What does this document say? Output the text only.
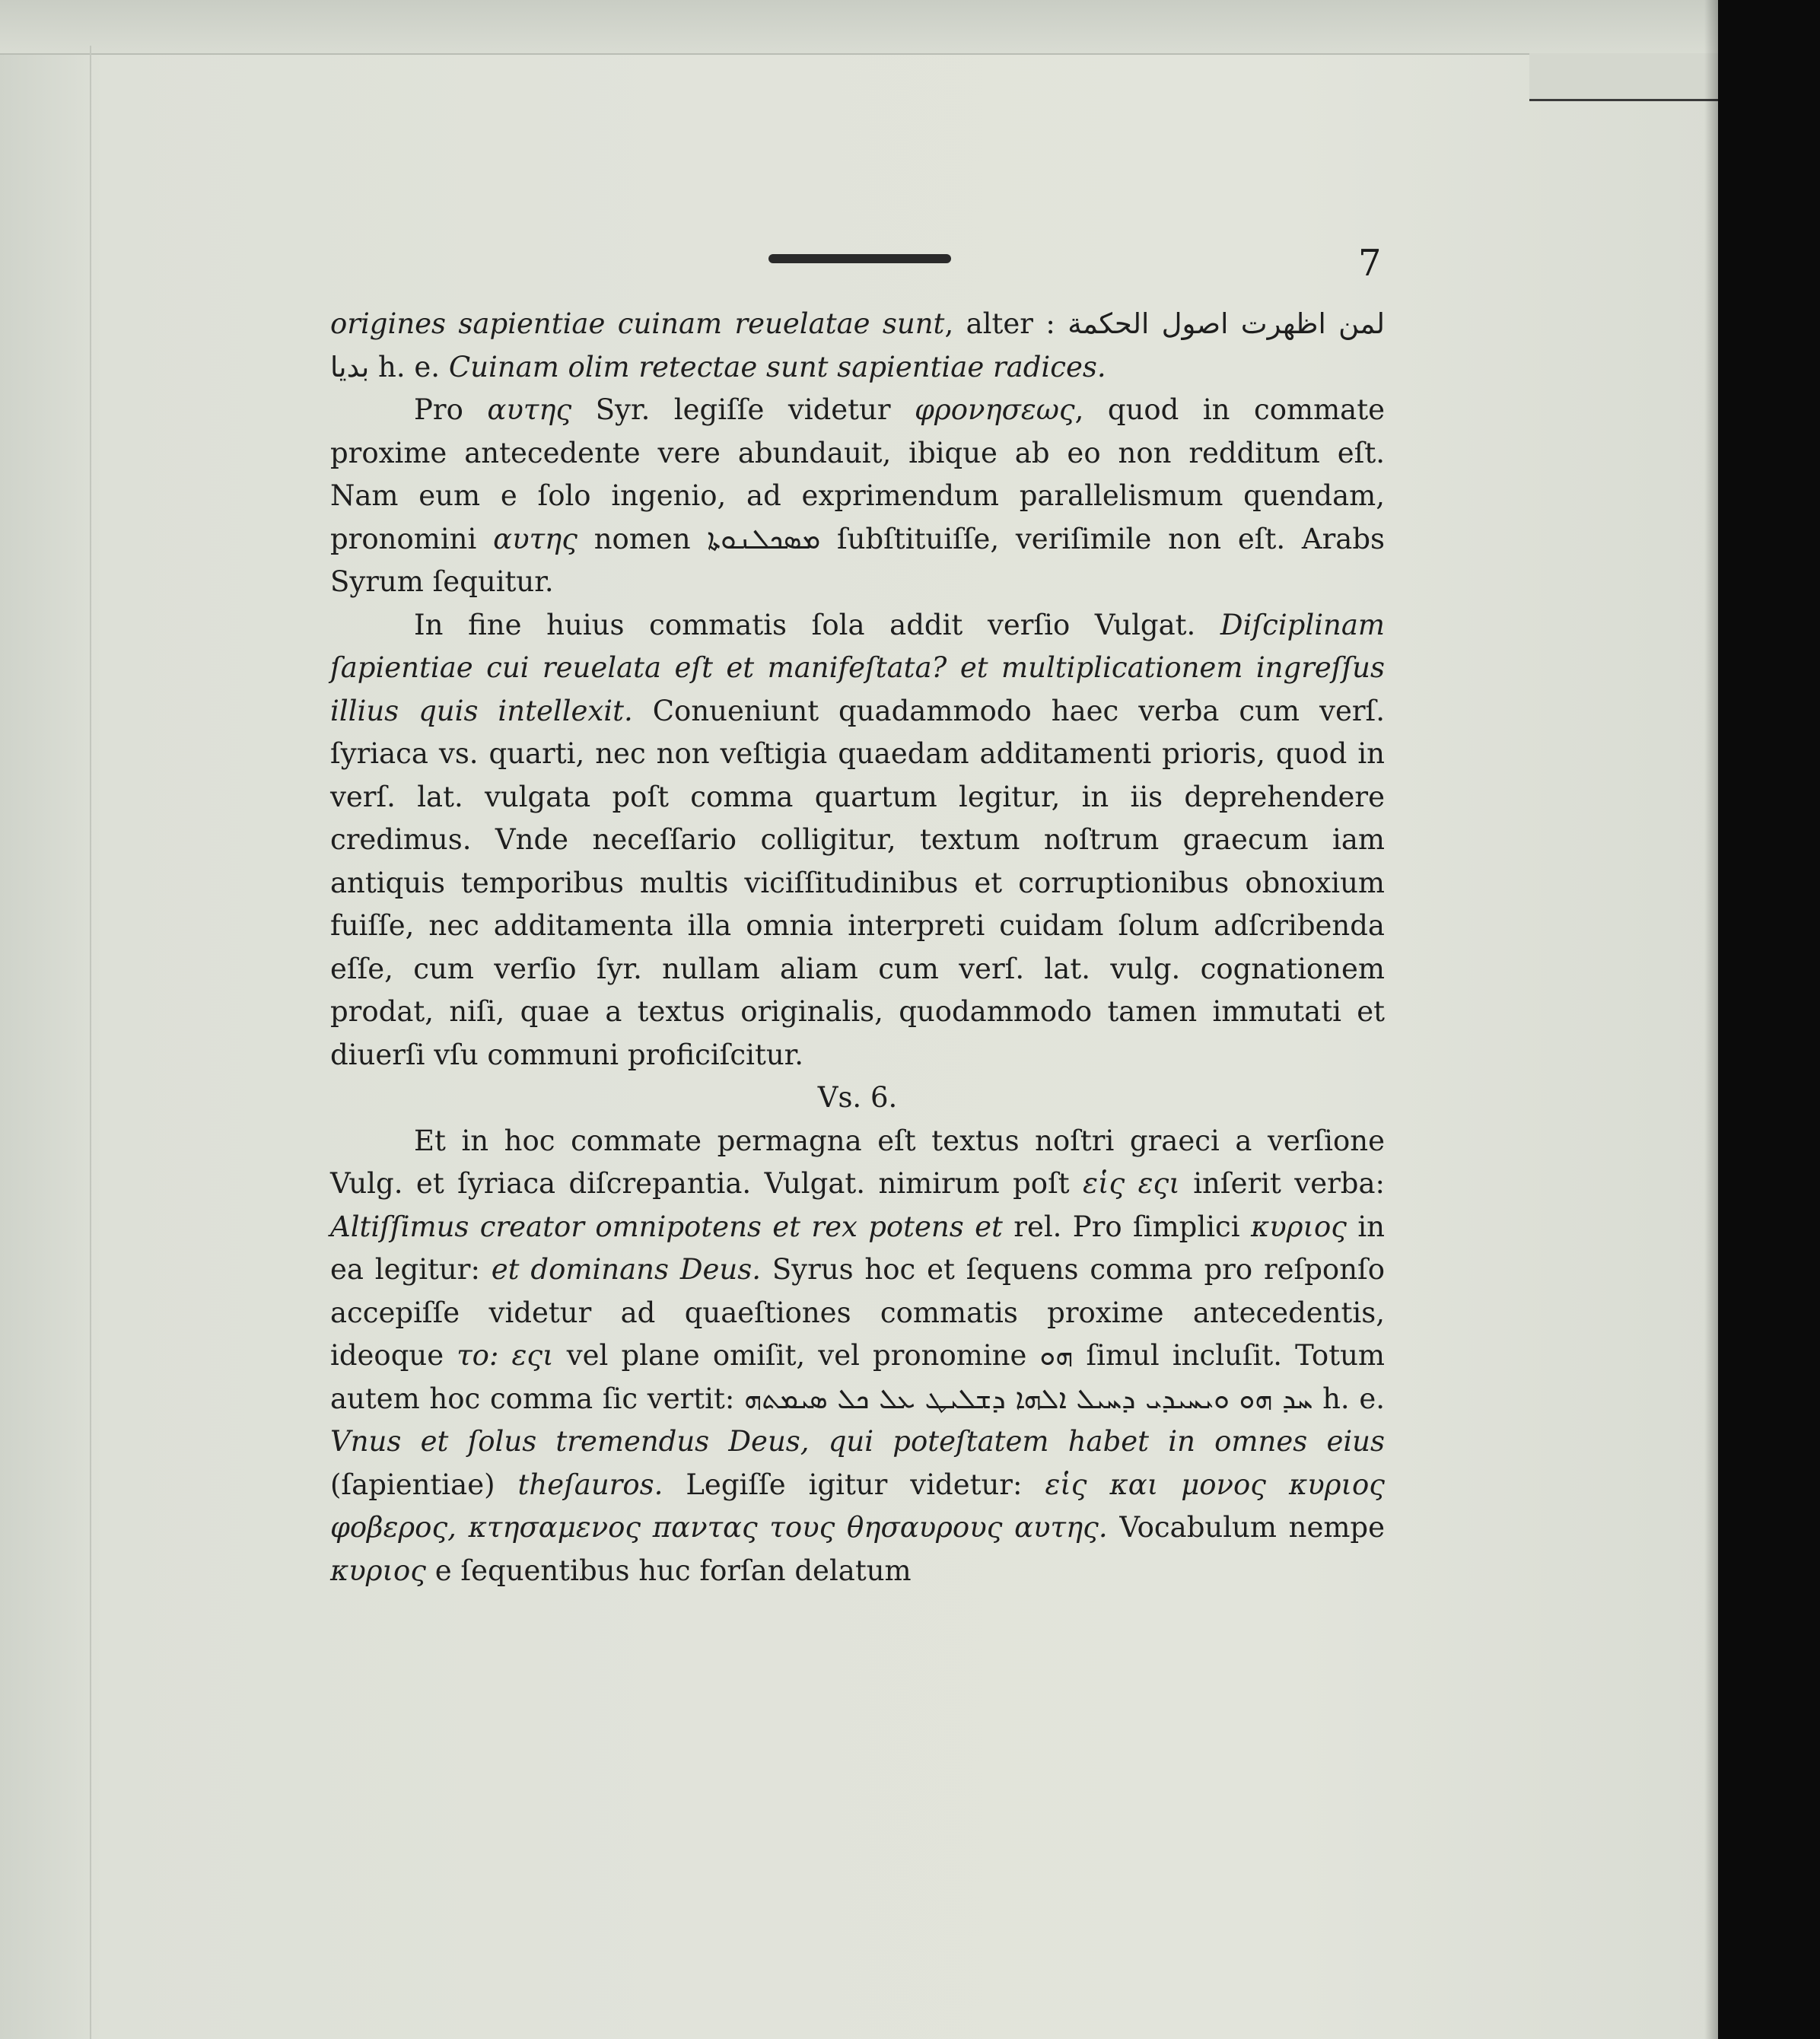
7

origines sapientiae cuinam reuelatae sunt, alter : لمن اظهرت اصول الحكمة بديا h. e. Cuinam olim retectae sunt sapientiae radices.

Pro αυτης Syr. legiſſe videtur φρονησεως, quod in commate proxime antecedente vere abundauit, ibique ab eo non redditum eſt. Nam eum e ſolo ingenio, ad exprimendum parallelismum quendam, pronomini αυτης nomen ܡܣܟܠܢܘܬܐ ſubſtituiſſe, veriſimile non eſt. Arabs Syrum ſequitur.

In fine huius commatis ſola addit verſio Vulgat. Diſciplinam ſapientiae cui reuelata eſt et manifeſtata? et multiplicationem ingreſſus illius quis intellexit. Conueniunt quadammodo haec verba cum verſ. ſyriaca vs. quarti, nec non veſtigia quaedam additamenti prioris, quod in verſ. lat. vulgata poſt comma quartum legitur, in iis deprehendere credimus. Vnde neceſſario colligitur, textum noſtrum graecum iam antiquis temporibus multis viciſſitudinibus et corruptionibus obnoxium fuiſſe, nec additamenta illa omnia interpreti cuidam ſolum adſcribenda eſſe, cum verſio ſyr. nullam aliam cum verſ. lat. vulg. cognationem prodat, niſi, quae a textus originalis, quodammodo tamen immutati et diuerſi vſu communi proficiſcitur.

Vs. 6.

Et in hoc commate permagna eſt textus noſtri graeci a verſione Vulg. et ſyriaca diſcrepantia. Vulgat. nimirum poſt εἱς εςι inſerit verba: Altiſſimus creator omnipotens et rex potens et rel. Pro ſimplici κυριος in ea legitur: et dominans Deus. Syrus hoc et ſequens comma pro reſponſo accepiſſe videtur ad quaeſtiones commatis proxime antecedentis, ideoque το: εςι vel plane omiſit, vel pronomine ܗܘ ſimul incluſit. Totum autem hoc comma ſic vertit: ܚܕ ܗܘ ܘܝܚܝܕܝ ܕܚܝܠ ܐܠܗܐ ܕܫܠܝܛ ܥܠ ܟܠ ܣܝܡܬܗ h. e. Vnus et ſolus tremendus Deus, qui poteſtatem habet in omnes eius (ſapientiae) theſauros. Legiſſe igitur videtur: εἱς και μονος κυριος φοβερος, κτησαμενος παντας τους θησαυρους αυτης. Vocabulum nempe κυριος e ſequentibus huc forſan delatum
